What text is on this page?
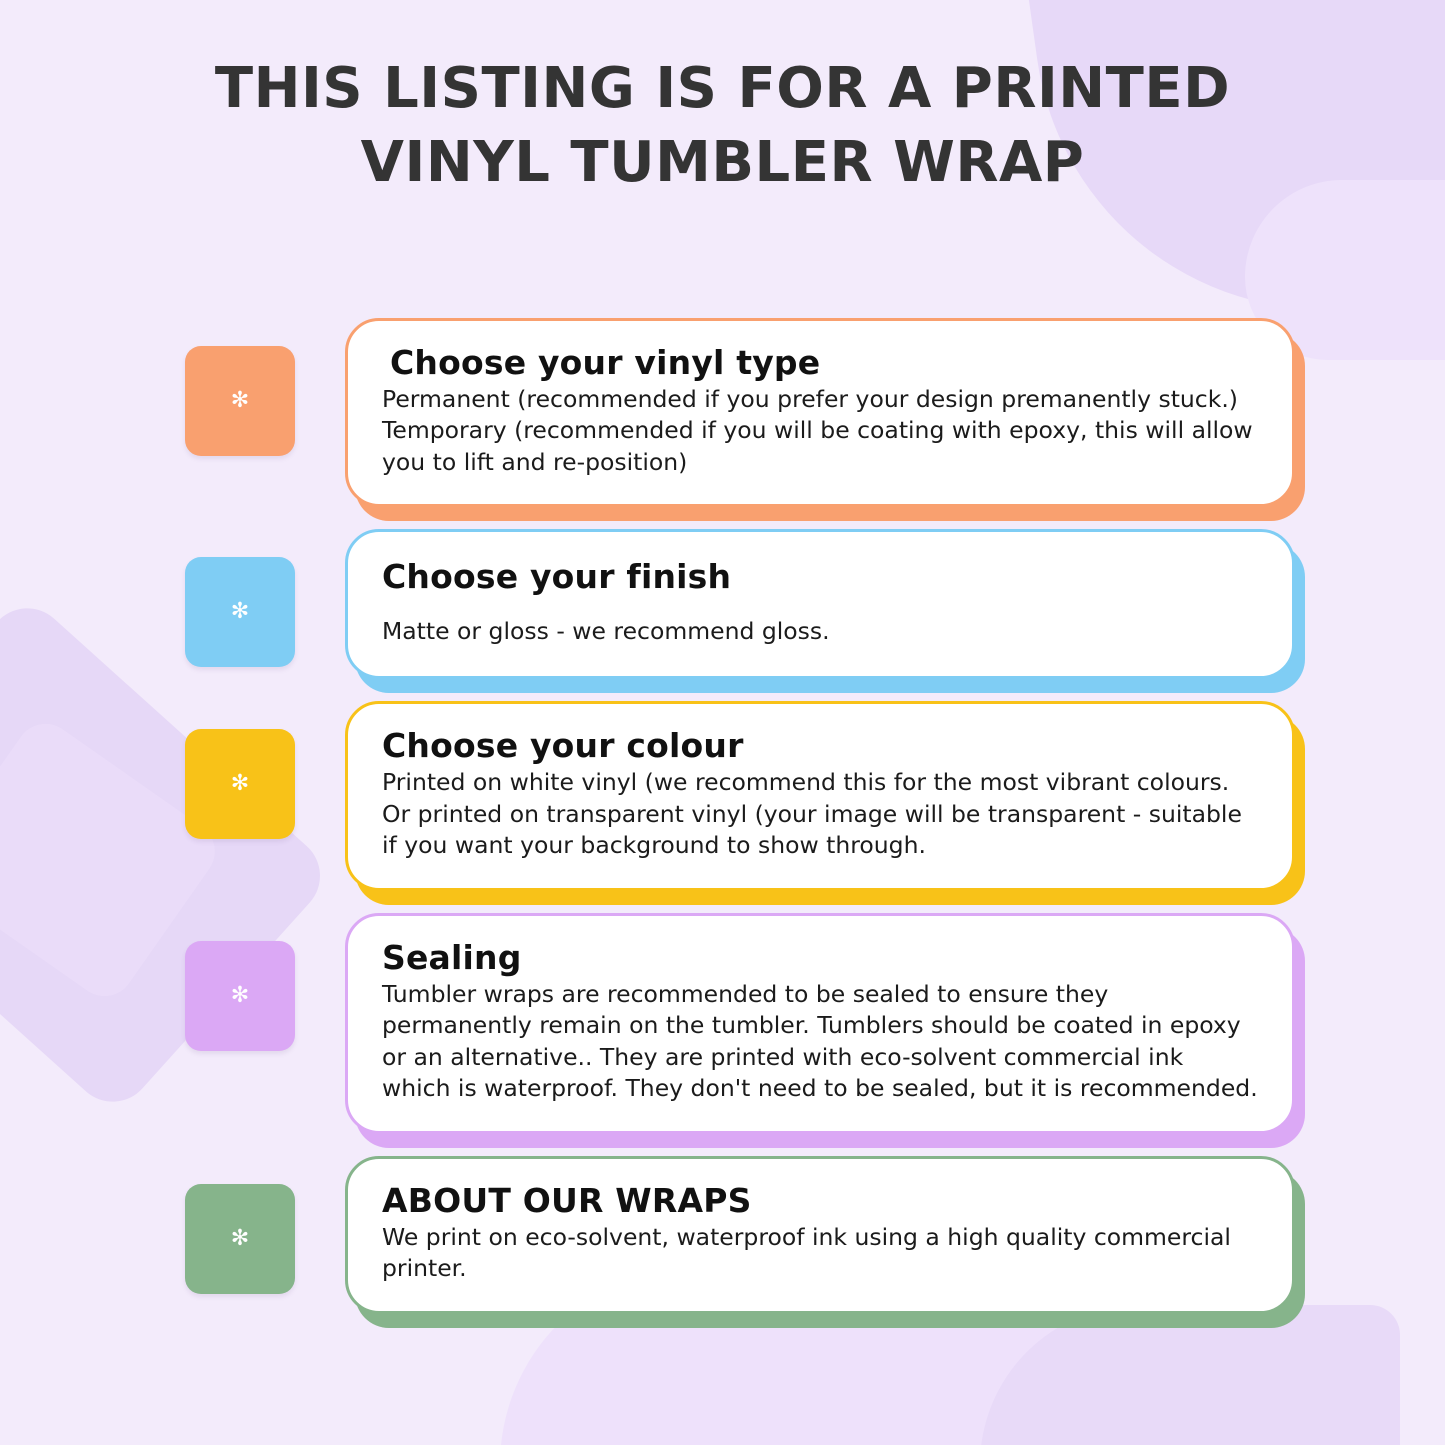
THIS LISTING IS FOR A PRINTED VINYL TUMBLER WRAP
✻
Choose your vinyl type

Permanent (recommended if you prefer your design premanently stuck.) Temporary (recommended if you will be coating with epoxy, this will allow you to lift and re-position)

✻
Choose your finish

Matte or gloss - we recommend gloss.

✻
Choose your colour

Printed on white vinyl (we recommend this for the most vibrant colours. Or printed on transparent vinyl (your image will be transparent - suitable if you want your background to show through.

✻
Sealing

Tumbler wraps are recommended to be sealed to ensure they permanently remain on the tumbler. Tumblers should be coated in epoxy or an alternative.. They are printed with eco-solvent commercial ink which is waterproof. They don't need to be sealed, but it is recommended.

✻
ABOUT OUR WRAPS

We print on eco-solvent, waterproof ink using a high quality commercial printer.
